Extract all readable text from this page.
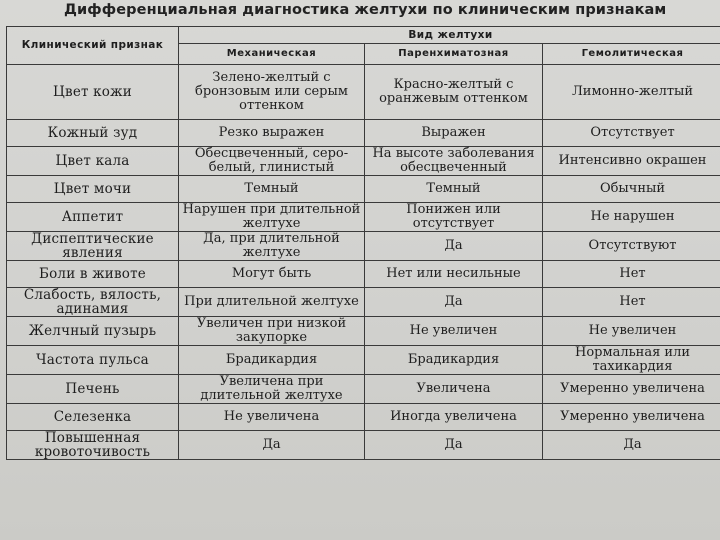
Дифференциальная диагностика желтухи по клиническим признакам
Клинический признак	Вид желтухи		
	Механическая	Паренхиматозная	Гемолитическая
Цвет кожи	Зелено-желтый с бронзовым или серым оттенком	Красно-желтый с оранжевым оттенком	Лимонно-желтый
Кожный зуд	Резко выражен	Выражен	Отсутствует
Цвет кала	Обесцвеченный, серо-белый, глинистый	На высоте заболевания обесцвеченный	Интенсивно окрашен
Цвет мочи	Темный	Темный	Обычный
Аппетит	Нарушен при длительной желтухе	Понижен или отсутствует	Не нарушен
Диспептические явления	Да, при длительной желтухе	Да	Отсутствуют
Боли в животе	Могут быть	Нет или несильные	Нет
Слабость, вялость, адинамия	При длительной желтухе	Да	Нет
Желчный пузырь	Увеличен при низкой закупорке	Не увеличен	Не увеличен
Частота пульса	Брадикардия	Брадикардия	Нормальная или тахикардия
Печень	Увеличена при длительной желтухе	Увеличена	Умеренно увеличена
Селезенка	Не увеличена	Иногда увеличена	Умеренно увеличена
Повышенная кровоточивость	Да	Да	Да
